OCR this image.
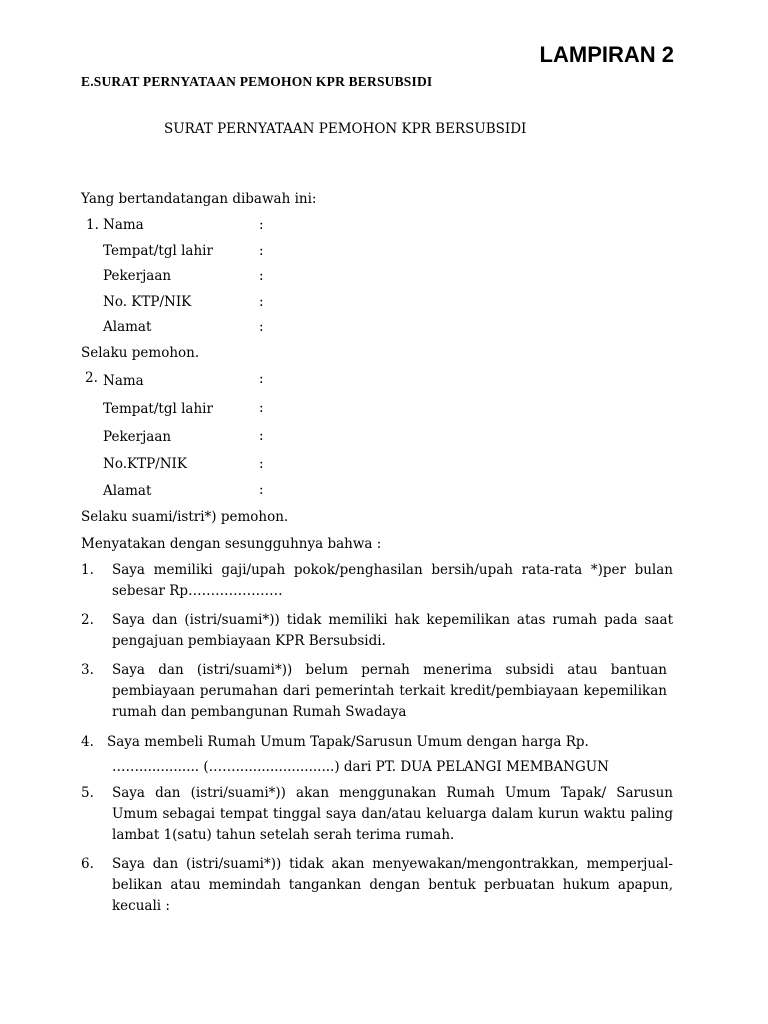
LAMPIRAN 2
E.SURAT PERNYATAAN PEMOHON KPR BERSUBSIDI
SURAT PERNYATAAN PEMOHON KPR BERSUBSIDI
Yang bertandatangan dibawah ini:
1. Nama
Tempat/tgl lahir
Pekerjaan
No. KTP/NIK
Alamat
:
:
:
:
:
Selaku pemohon.
2. Nama
Tempat/tgl lahir
Pekerjaan
No.KTP/NIK
Alamat
:
:
:
:
:
Selaku suami/istri*) pemohon.
Menyatakan dengan sesungguhnya bahwa :
1. Saya memiliki gaji/upah pokok/penghasilan bersih/upah rata-rata *)per bulan sebesar Rp…………………
2. Saya dan (istri/suami*)) tidak memiliki hak kepemilikan atas rumah pada saat pengajuan pembiayaan KPR Bersubsidi.
3. Saya dan (istri/suami*)) belum pernah menerima subsidi atau bantuan pembiayaan perumahan dari pemerintah terkait kredit/pembiayaan kepemilikan rumah dan pembangunan Rumah Swadaya
4. Saya membeli Rumah Umum Tapak/Sarusun Umum dengan harga Rp.
…….............. (…….......................) dari PT. DUA PELANGI MEMBANGUN
5. Saya dan (istri/suami*)) akan menggunakan Rumah Umum Tapak/ Sarusun Umum sebagai tempat tinggal saya dan/atau keluarga dalam kurun waktu paling lambat 1(satu) tahun setelah serah terima rumah.
6. Saya dan (istri/suami*)) tidak akan menyewakan/mengontrakkan, memperjual-belikan atau memindah tangankan dengan bentuk perbuatan hukum apapun, kecuali :
